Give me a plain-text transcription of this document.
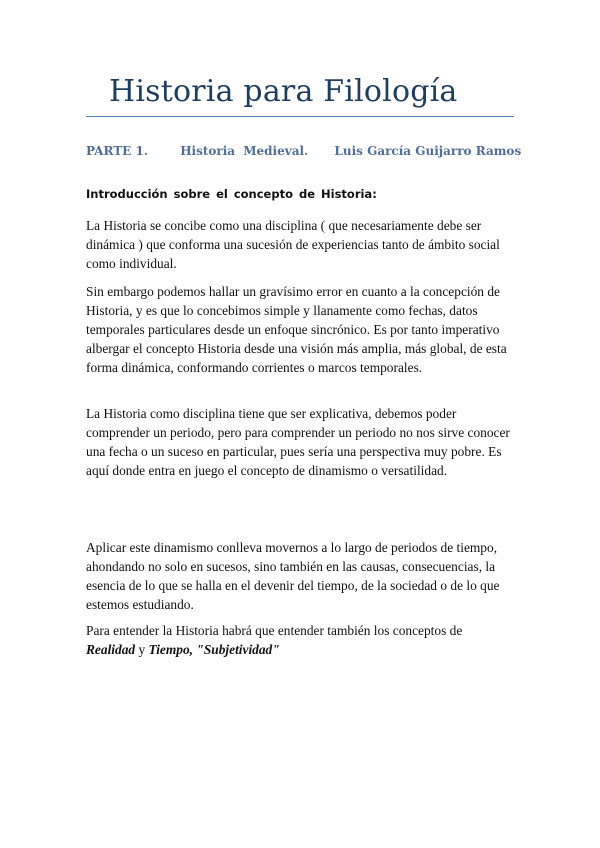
Historia para Filología
PARTE 1.	Historia Medieval. Luis García Guijarro Ramos
Introducción sobre el concepto de Historia:

La Historia se concibe como una disciplina ( que necesariamente debe ser dinámica ) que conforma una sucesión de experiencias tanto de ámbito social como individual.

Sin embargo podemos hallar un gravísimo error en cuanto a la concepción de Historia, y es que lo concebimos simple y llanamente como fechas, datos temporales particulares desde un enfoque sincrónico. Es por tanto imperativo albergar el concepto Historia desde una visión más amplia, más global, de esta forma dinámica, conformando corrientes o marcos temporales.

La Historia como disciplina tiene que ser explicativa, debemos poder comprender un periodo, pero para comprender un periodo no nos sirve conocer una fecha o un suceso en particular, pues sería una perspectiva muy pobre. Es aquí donde entra en juego el concepto de dinamismo o versatilidad.

Aplicar este dinamismo conlleva movernos a lo largo de periodos de tiempo, ahondando no solo en sucesos, sino también en las causas, consecuencias, la esencia de lo que se halla en el devenir del tiempo, de la sociedad o de lo que estemos estudiando.

Para entender la Historia habrá que entender también los conceptos de Realidad y Tiempo, "Subjetividad"
